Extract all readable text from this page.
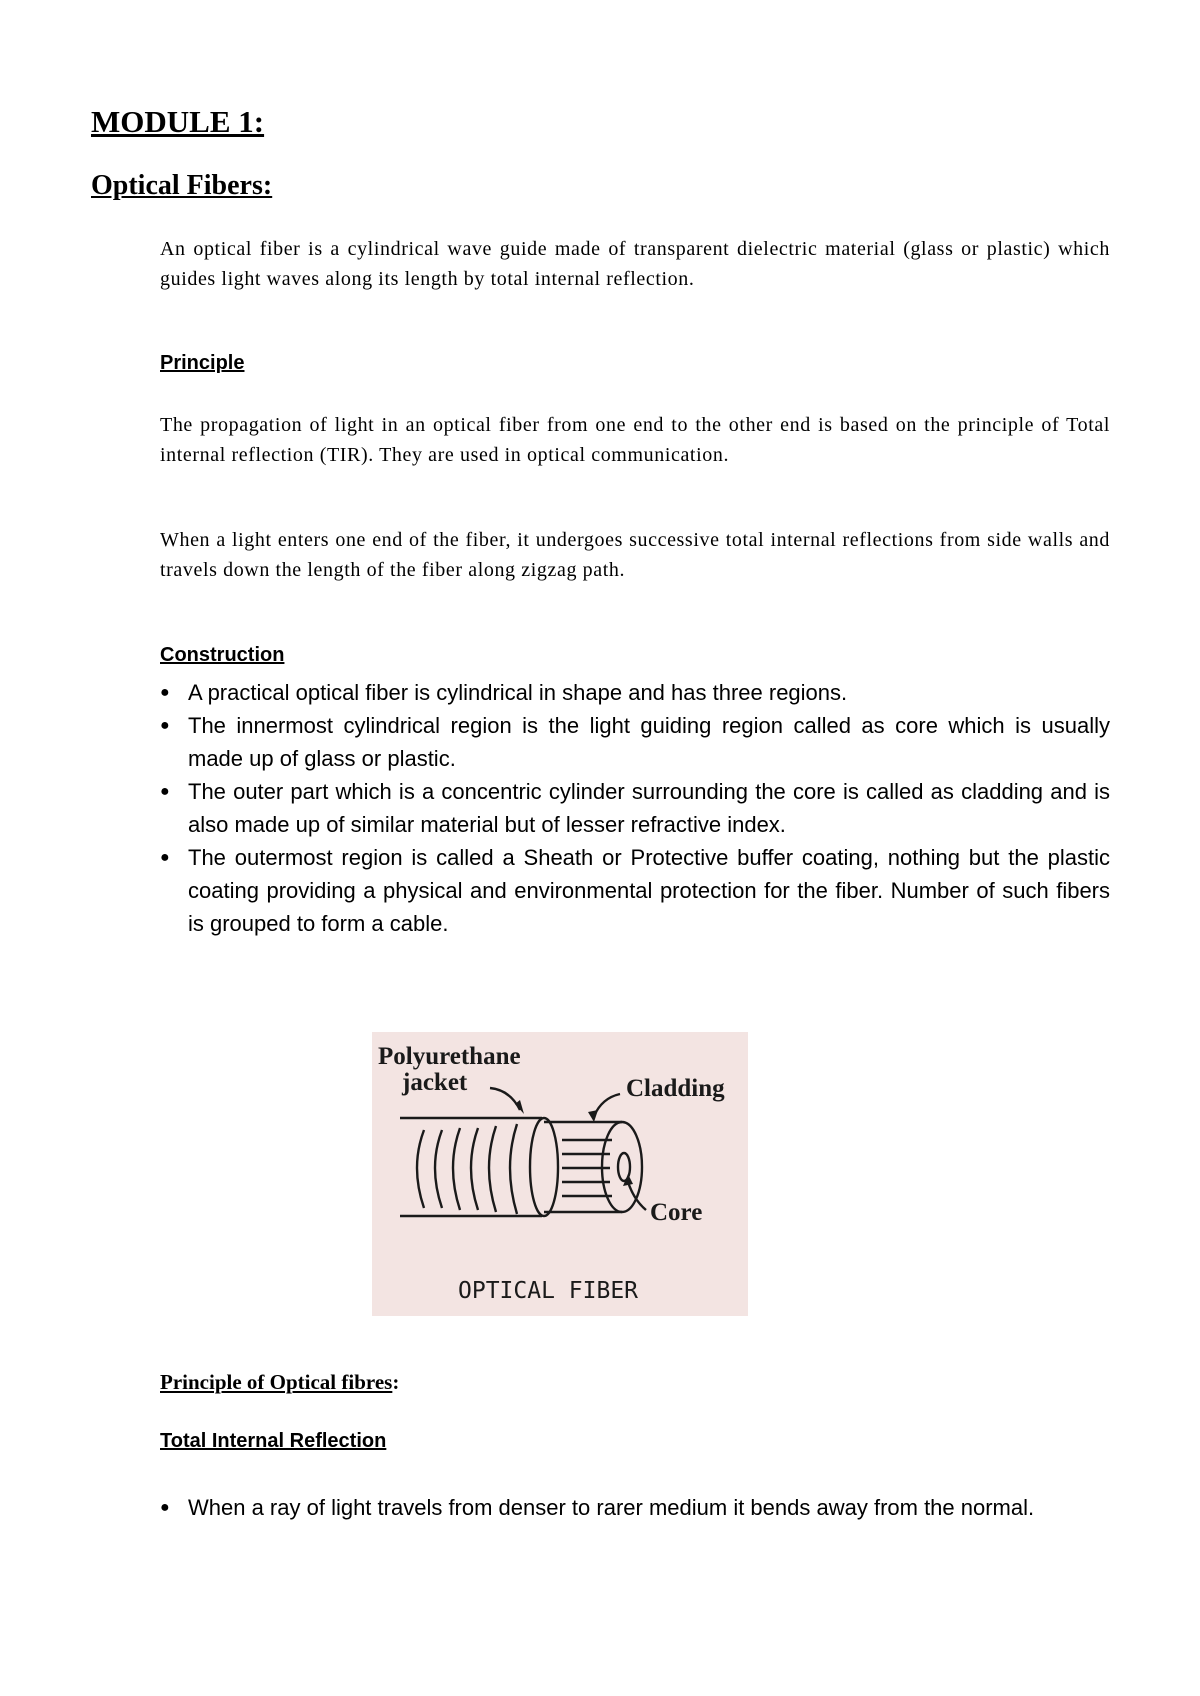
MODULE 1:
Optical Fibers:

An optical fiber is a cylindrical wave guide made of transparent dielectric material (glass or plastic) which guides light waves along its length by total internal reflection.

Principle

The propagation of light in an optical fiber from one end to the other end is based on the principle of Total internal reflection (TIR). They are used in optical communication.

When a light enters one end of the fiber, it undergoes successive total internal reflections from side walls and travels down the length of the fiber along zigzag path.

Construction
● A practical optical fiber is cylindrical in shape and has three regions.
● The innermost cylindrical region is the light guiding region called as core which is usually made up of glass or plastic.
● The outer part which is a concentric cylinder surrounding the core is called as cladding and is also made up of similar material but of lesser refractive index.
● The outermost region is called a Sheath or Protective buffer coating, nothing but the plastic coating providing a physical and environmental protection for the fiber. Number of such fibers is grouped to form a cable.
Polyurethane
jacket	Cladding
Core
OPTICAL FIBER
Principle of Optical fibres:
Total Internal Reflection
● When a ray of light travels from denser to rarer medium it bends away from the normal.
